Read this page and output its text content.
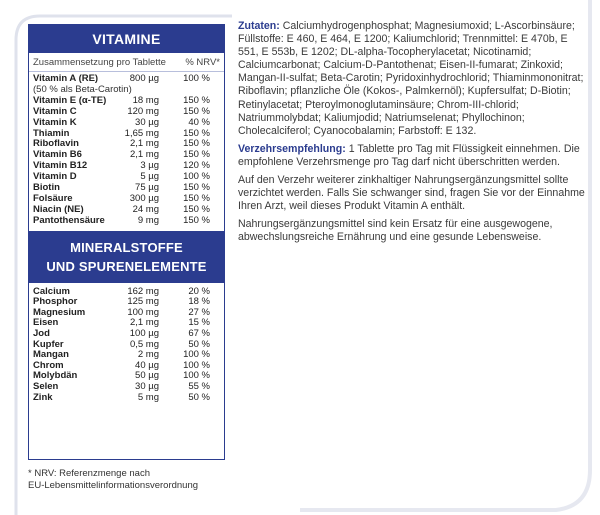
VITAMINE
Zusammensetzung pro Tablette % NRV*
Vitamin A (RE)	800 µg	100 %
(50 % als Beta-Carotin)
Vitamin E (α-TE)	18 mg	150 %
Vitamin C	120 mg	150 %
Vitamin K	30 µg	40 %
Thiamin	1,65 mg	150 %
Riboflavin	2,1 mg	150 %
Vitamin B6	2,1 mg	150 %
Vitamin B12	3 µg	120 %
Vitamin D	5 µg	100 %
Biotin	75 µg	150 %
Folsäure	300 µg	150 %
Niacin (NE)	24 mg	150 %
Pantothensäure	9 mg	150 %
MINERALSTOFFE
UND SPURENELEMENTE
Calcium	162 mg	20 %
Phosphor	125 mg	18 %
Magnesium	100 mg	27 %
Eisen	2,1 mg	15 %
Jod	100 µg	67 %
Kupfer	0,5 mg	50 %
Mangan	2 mg	100 %
Chrom	40 µg	100 %
Molybdän	50 µg	100 %
Selen	30 µg	55 %
Zink	5 mg	50 %
* NRV: Referenzmenge nach
EU-Lebensmittelinformationsverordnung

Zutaten: Calciumhydrogenphosphat; Magnesiumoxid; L-Ascorbinsäure; Füllstoffe: E 460, E 464, E 1200; Kaliumchlorid; Trennmittel: E 470b, E 551, E 553b, E 1202; DL-alpha-Tocopherylacetat; Nicotinamid; Calciumcarbonat; Calcium-D-Pantothenat; Eisen-II-fumarat; Zinkoxid; Mangan-II-sulfat; Beta-Carotin; Pyridoxinhydrochlorid; Thiaminmononitrat; Riboflavin; pflanzliche Öle (Kokos-, Palmkernöl); Kupfersulfat; D-Biotin; Retinylacetat; Pteroylmonoglutaminsäure; Chrom-III-chlorid; Natriummolybdat; Kaliumjodid; Natriumselenat; Phyllochinon; Cholecalciferol; Cyanocobalamin; Farbstoff: E 132.

Verzehrsempfehlung: 1 Tablette pro Tag mit Flüssigkeit einnehmen. Die empfohlene Verzehrsmenge pro Tag darf nicht überschritten werden.

Auf den Verzehr weiterer zinkhaltiger Nahrungsergänzungsmittel sollte verzichtet werden. Falls Sie schwanger sind, fragen Sie vor der Einnahme Ihren Arzt, weil dieses Produkt Vitamin A enthält.

Nahrungsergänzungsmittel sind kein Ersatz für eine ausgewogene, abwechslungsreiche Ernährung und eine gesunde Lebensweise.
